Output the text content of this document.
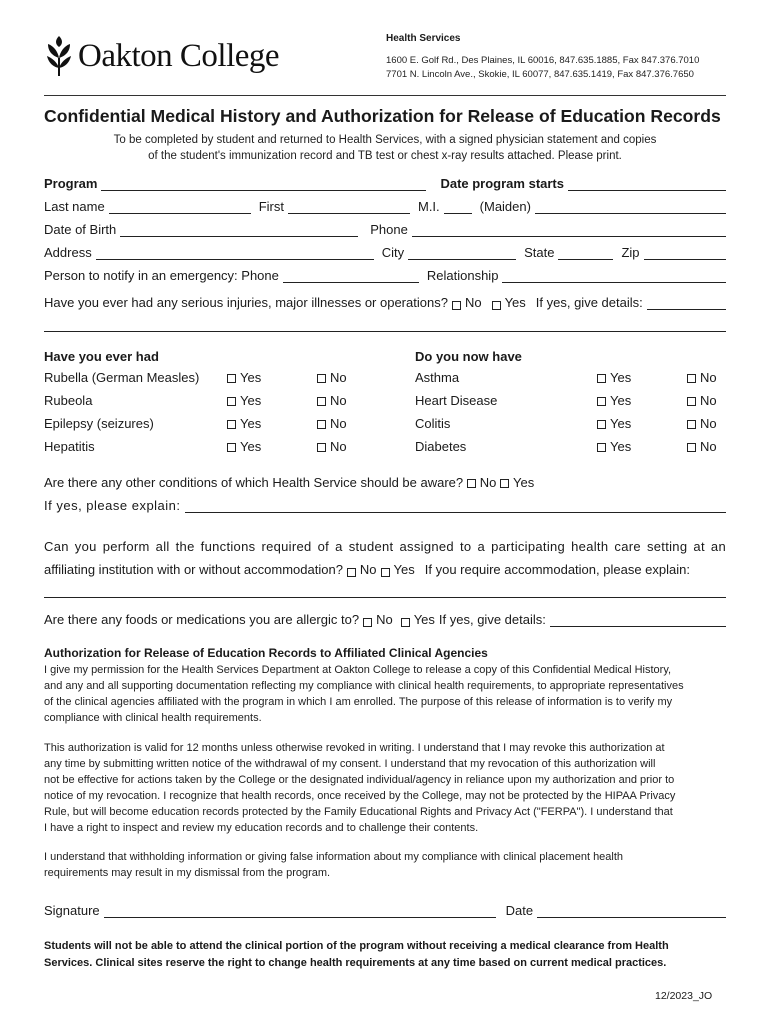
Oakton College	Health Services
1600 E. Golf Rd., Des Plaines, IL 60016, 847.635.1885, Fax 847.376.7010
7701 N. Lincoln Ave., Skokie, IL 60077, 847.635.1419, Fax 847.376.7650
Confidential Medical History and Authorization for Release of Education Records
To be completed by student and returned to Health Services, with a signed physician statement and copies
of the student's immunization record and TB test or chest x-ray results attached. Please print.
Program	Date program starts
Last name	First	M.I.	(Maiden)
Date of Birth	Phone
Address	City	State	Zip
Person to notify in an emergency: Phone	Relationship
Have you ever had any serious injuries, major illnesses or operations?	No	Yes If yes, give details:
Have you ever had	Do you now have
Rubella (German Measles)	Yes	No	Asthma	Yes	No
Rubeola	Yes	No	Heart Disease	Yes	No
Epilepsy (seizures)	Yes	No	Colitis	Yes	No
Hepatitis	Yes	No	Diabetes	Yes	No
Are there any other conditions of which Health Service should be aware? No Yes
If yes, please explain:
Can you perform all the functions required of a student assigned to a participating health care setting at an
affiliating institution with or without accommodation?	No	Yes If you require accommodation, please explain:
Are there any foods or medications you are allergic to?	No	Yes If yes, give details:
Authorization for Release of Education Records to Affiliated Clinical Agencies
I give my permission for the Health Services Department at Oakton College to release a copy of this Confidential Medical History,
and any and all supporting documentation reflecting my compliance with clinical health requirements, to appropriate representatives
of the clinical agencies affiliated with the program in which I am enrolled. The purpose of this release of information is to verify my
compliance with clinical health requirements.
This authorization is valid for 12 months unless otherwise revoked in writing. I understand that I may revoke this authorization at
any time by submitting written notice of the withdrawal of my consent. I understand that my revocation of this authorization will
not be effective for actions taken by the College or the designated individual/agency in reliance upon my authorization and prior to
notice of my revocation. I recognize that health records, once received by the College, may not be protected by the HIPAA Privacy
Rule, but will become education records protected by the Family Educational Rights and Privacy Act ("FERPA"). I understand that
I have a right to inspect and review my education records and to challenge their contents.
I understand that withholding information or giving false information about my compliance with clinical placement health
requirements may result in my dismissal from the program.
Signature	Date
Students will not be able to attend the clinical portion of the program without receiving a medical clearance from Health
Services. Clinical sites reserve the right to change health requirements at any time based on current medical practices.
12/2023_JO
